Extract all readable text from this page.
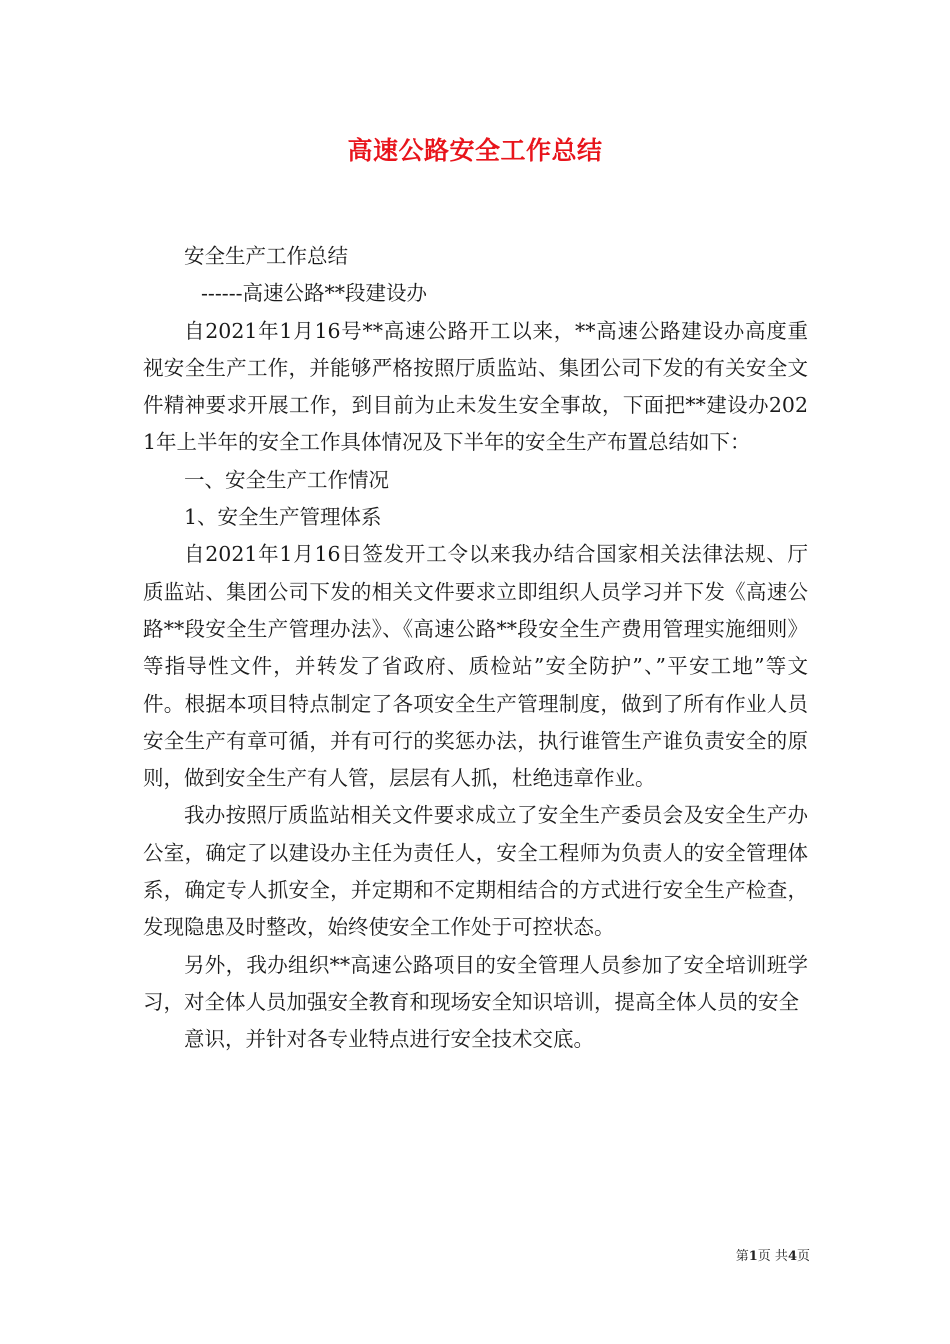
高速公路安全工作总结

安全生产工作总结

------高速公路**段建设办

自2021年1月16号**高速公路开工以来，**高速公路建设办高度重视安全生产工作，并能够严格按照厅质监站、集团公司下发的有关安全文件精神要求开展工作，到目前为止未发生安全事故，下面把**建设办2021年上半年的安全工作具体情况及下半年的安全生产布置总结如下：

一、安全生产工作情况

1、安全生产管理体系

自2021年1月16日签发开工令以来我办结合国家相关法律法规、厅质监站、集团公司下发的相关文件要求立即组织人员学习并下发《高速公路**段安全生产管理办法》、《高速公路**段安全生产费用管理实施细则》等指导性文件，并转发了省政府、质检站”安全防护”、”平安工地”等文件。根据本项目特点制定了各项安全生产管理制度，做到了所有作业人员安全生产有章可循，并有可行的奖惩办法，执行谁管生产谁负责安全的原则，做到安全生产有人管，层层有人抓，杜绝违章作业。

我办按照厅质监站相关文件要求成立了安全生产委员会及安全生产办公室，确定了以建设办主任为责任人，安全工程师为负责人的安全管理体系，确定专人抓安全，并定期和不定期相结合的方式进行安全生产检查，发现隐患及时整改，始终使安全工作处于可控状态。

另外，我办组织**高速公路项目的安全管理人员参加了安全培训班学习，对全体人员加强安全教育和现场安全知识培训，提高全体人员的安全

意识，并针对各专业特点进行安全技术交底。

第1页 共4页
